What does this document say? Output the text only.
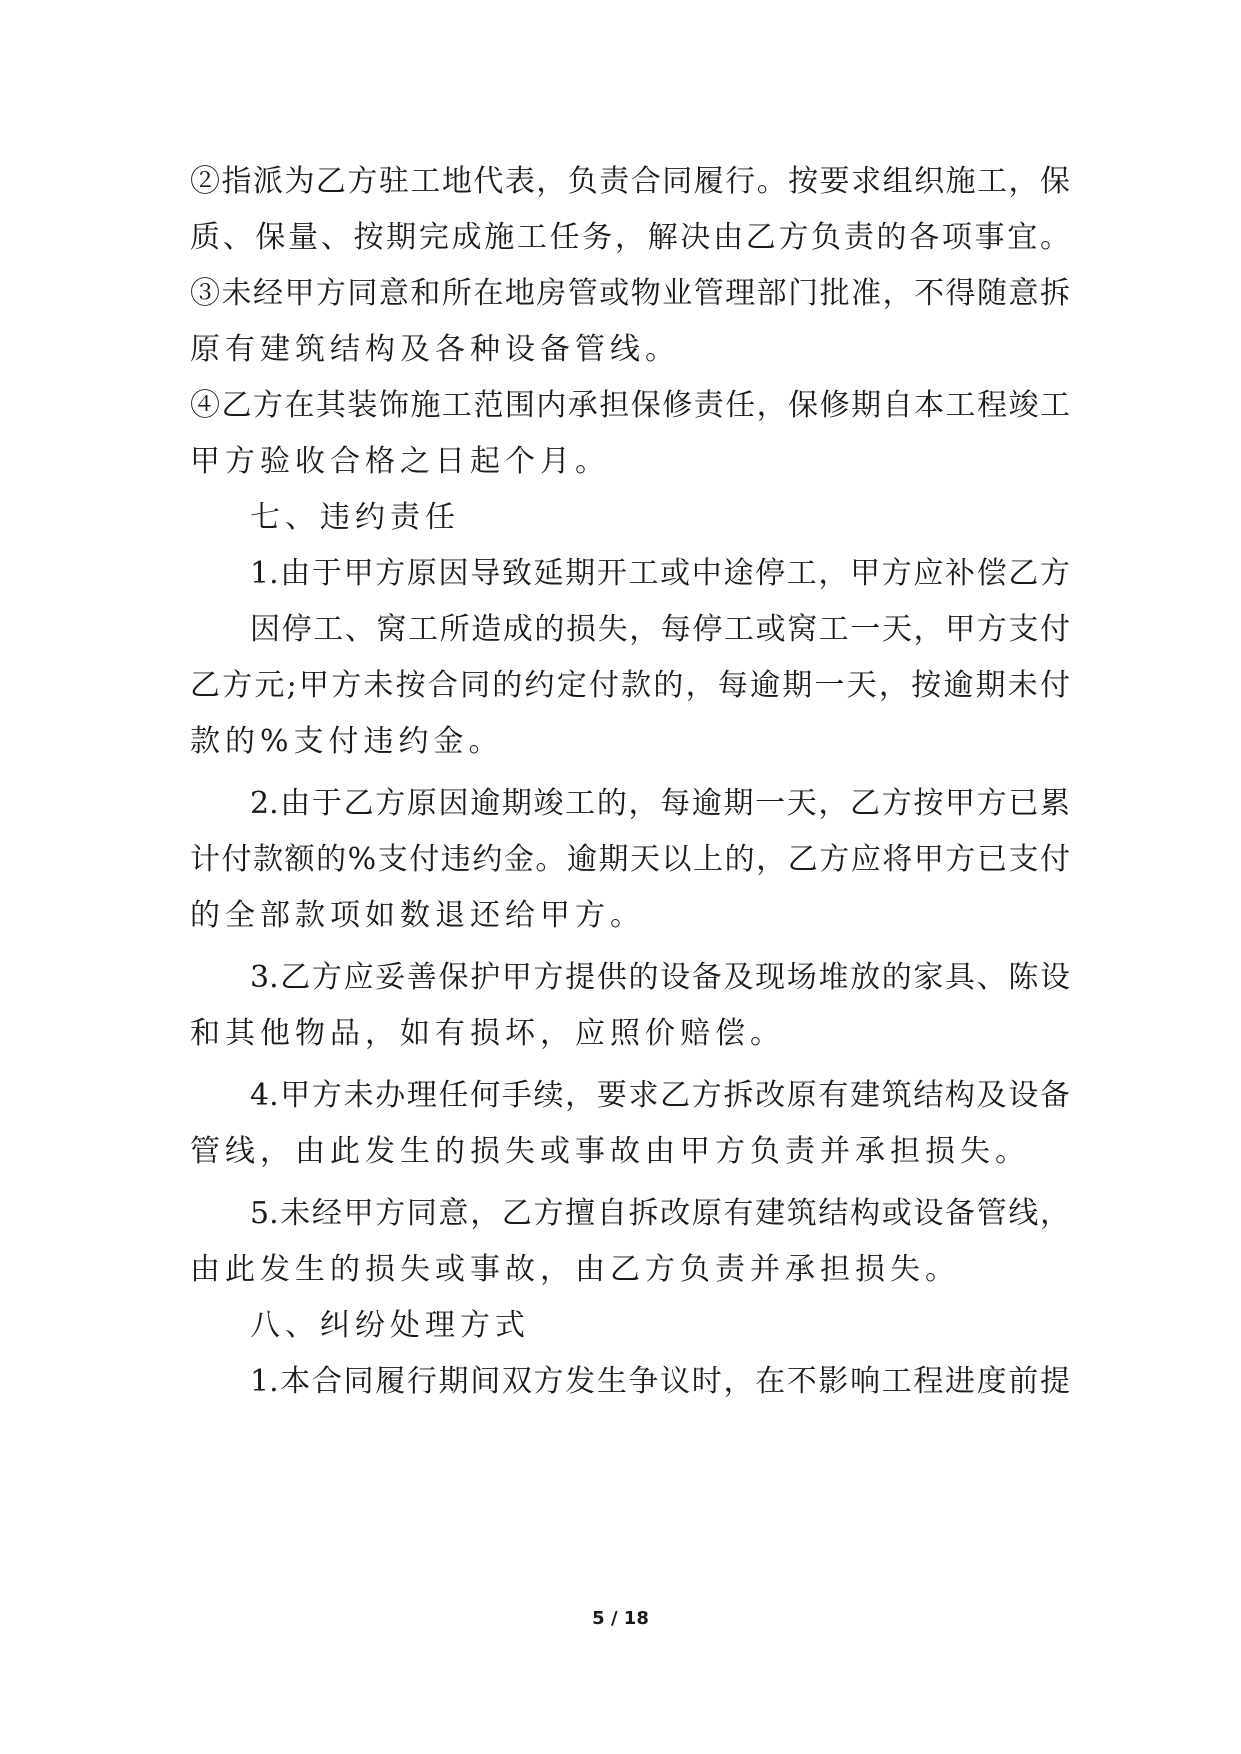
②指派为乙方驻工地代表，负责合同履行。按要求组织施工，保
质、保量、按期完成施工任务，解决由乙方负责的各项事宜。
③未经甲方同意和所在地房管或物业管理部门批准，不得随意拆
原有建筑结构及各种设备管线。
④乙方在其装饰施工范围内承担保修责任，保修期自本工程竣工
甲方验收合格之日起个月。
七、违约责任
1.由于甲方原因导致延期开工或中途停工，甲方应补偿乙方
因停工、窝工所造成的损失，每停工或窝工一天，甲方支付
乙方元;甲方未按合同的约定付款的，每逾期一天，按逾期未付
款的%支付违约金。
2.由于乙方原因逾期竣工的，每逾期一天，乙方按甲方已累
计付款额的%支付违约金。逾期天以上的，乙方应将甲方已支付
的全部款项如数退还给甲方。
3.乙方应妥善保护甲方提供的设备及现场堆放的家具、陈设
和其他物品，如有损坏，应照价赔偿。
4.甲方未办理任何手续，要求乙方拆改原有建筑结构及设备
管线，由此发生的损失或事故由甲方负责并承担损失。
5.未经甲方同意，乙方擅自拆改原有建筑结构或设备管线，
由此发生的损失或事故，由乙方负责并承担损失。
八、纠纷处理方式
1.本合同履行期间双方发生争议时，在不影响工程进度前提
5 / 18
